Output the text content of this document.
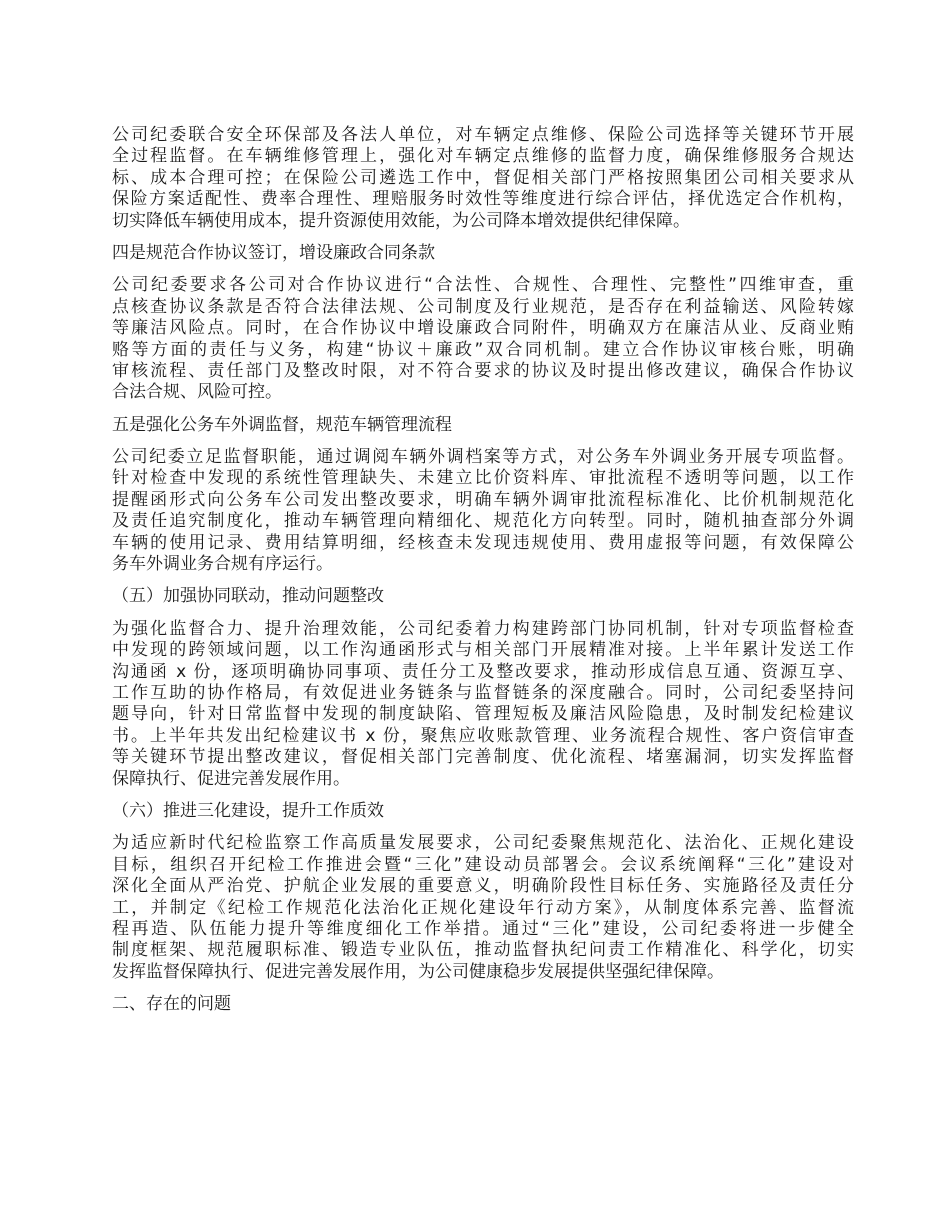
公司纪委联合安全环保部及各法人单位，对车辆定点维修、保险公司选择等关键环节开展
全过程监督。在车辆维修管理上，强化对车辆定点维修的监督力度，确保维修服务合规达
标、成本合理可控；在保险公司遴选工作中，督促相关部门严格按照集团公司相关要求从
保险方案适配性、费率合理性、理赔服务时效性等维度进行综合评估，择优选定合作机构，
切实降低车辆使用成本，提升资源使用效能，为公司降本增效提供纪律保障。
四是规范合作协议签订，增设廉政合同条款
公司纪委要求各公司对合作协议进行“合法性、合规性、合理性、完整性”四维审查，重
点核查协议条款是否符合法律法规、公司制度及行业规范，是否存在利益输送、风险转嫁
等廉洁风险点。同时，在合作协议中增设廉政合同附件，明确双方在廉洁从业、反商业贿
赂等方面的责任与义务，构建“协议＋廉政”双合同机制。建立合作协议审核台账，明确
审核流程、责任部门及整改时限，对不符合要求的协议及时提出修改建议，确保合作协议
合法合规、风险可控。
五是强化公务车外调监督，规范车辆管理流程
公司纪委立足监督职能，通过调阅车辆外调档案等方式，对公务车外调业务开展专项监督。
针对检查中发现的系统性管理缺失、未建立比价资料库、审批流程不透明等问题，以工作
提醒函形式向公务车公司发出整改要求，明确车辆外调审批流程标准化、比价机制规范化
及责任追究制度化，推动车辆管理向精细化、规范化方向转型。同时，随机抽查部分外调
车辆的使用记录、费用结算明细，经核查未发现违规使用、费用虚报等问题，有效保障公
务车外调业务合规有序运行。
（五）加强协同联动，推动问题整改
为强化监督合力、提升治理效能，公司纪委着力构建跨部门协同机制，针对专项监督检查
中发现的跨领域问题，以工作沟通函形式与相关部门开展精准对接。上半年累计发送工作
沟通函 x 份，逐项明确协同事项、责任分工及整改要求，推动形成信息互通、资源互享、
工作互助的协作格局，有效促进业务链条与监督链条的深度融合。同时，公司纪委坚持问
题导向，针对日常监督中发现的制度缺陷、管理短板及廉洁风险隐患，及时制发纪检建议
书。上半年共发出纪检建议书 x 份，聚焦应收账款管理、业务流程合规性、客户资信审查
等关键环节提出整改建议，督促相关部门完善制度、优化流程、堵塞漏洞，切实发挥监督
保障执行、促进完善发展作用。
（六）推进三化建设，提升工作质效
为适应新时代纪检监察工作高质量发展要求，公司纪委聚焦规范化、法治化、正规化建设
目标，组织召开纪检工作推进会暨“三化”建设动员部署会。会议系统阐释“三化”建设对
深化全面从严治党、护航企业发展的重要意义，明确阶段性目标任务、实施路径及责任分
工，并制定《纪检工作规范化法治化正规化建设年行动方案》，从制度体系完善、监督流
程再造、队伍能力提升等维度细化工作举措。通过“三化”建设，公司纪委将进一步健全
制度框架、规范履职标准、锻造专业队伍，推动监督执纪问责工作精准化、科学化，切实
发挥监督保障执行、促进完善发展作用，为公司健康稳步发展提供坚强纪律保障。
二、存在的问题
